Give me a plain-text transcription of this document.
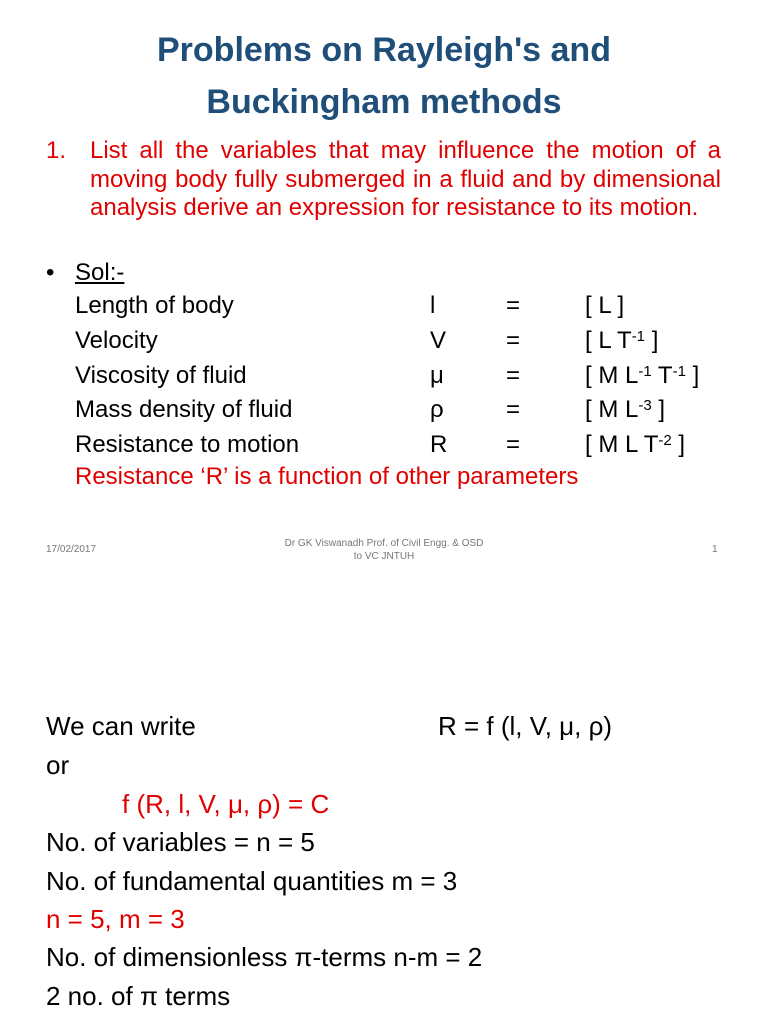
Problems on Rayleigh's and
Buckingham methods
1. List all the variables that may influence the motion of a moving body fully submerged in a fluid and by dimensional analysis derive an expression for resistance to its motion.
• Sol:-
Length of body	l	=	[ L ]
Velocity	V =	[ L $T^{-1}$ ]
Viscosity of fluid	μ	=	[ M $L^{-1}$ $T^{-1}$ ]
Mass density of fluid	ρ	=	[ M $L^{-3}$ ]
Resistance to motion	R =	[ M L $T^{-2}$ ]
Resistance ‘R’ is a function of other parameters
17/02/2017
Dr GK Viswanadh Prof. of Civil Engg. & OSD
to VC JNTUH
1
We can write	R = f (l, V, μ, ρ)
or
f (R, l, V, μ, ρ) = C
No. of variables = n = 5
No. of fundamental quantities m = 3
n = 5, m = 3
No. of dimensionless π-terms n-m = 2
2 no. of π terms
